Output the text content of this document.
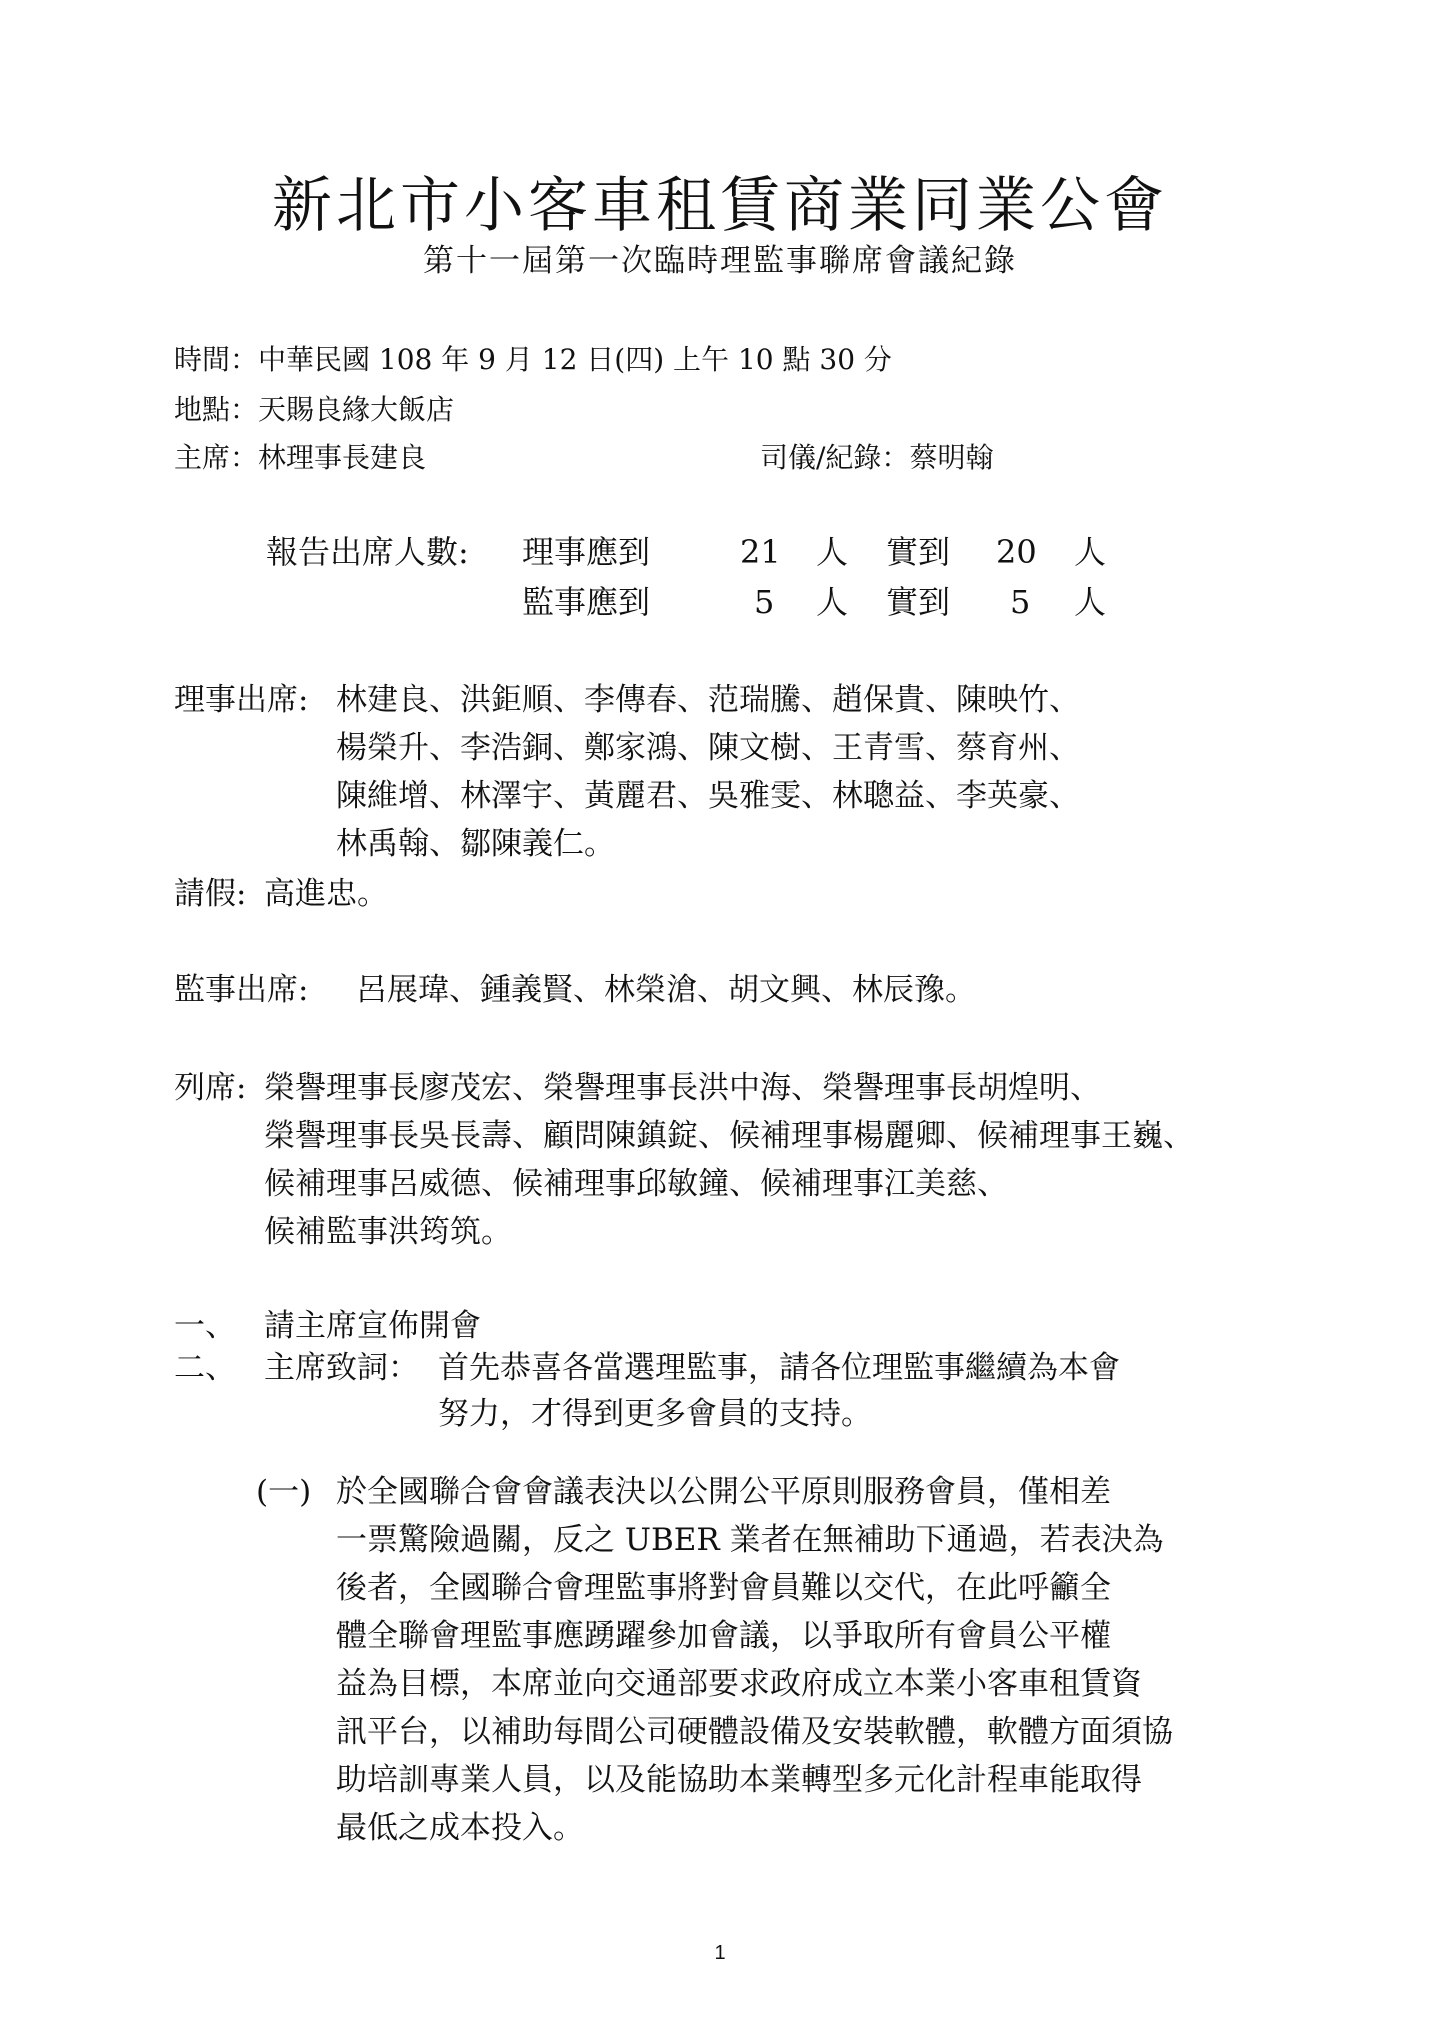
新北市小客車租賃商業同業公會
第十一屆第一次臨時理監事聯席會議紀錄
時間：中華民國 108 年 9 月 12 日(四) 上午 10 點 30 分
地點：天賜良緣大飯店
主席：林理事長建良	司儀/紀錄：蔡明翰
報告出席人數: 理事應到	21 人 實到 20 人
監事應到	5 人 實到 5 人
理事出席: 林建良、洪鉅順、李傳春、范瑞騰、趙保貴、陳映竹、
楊榮升、李浩銅、鄭家鴻、陳文樹、王青雪、蔡育州、
陳維增、林澤宇、黃麗君、吳雅雯、林聰益、李英豪、
林禹翰、鄒陳義仁。
請假: 高進忠。
監事出席: 呂展瑋、鍾義賢、林榮滄、胡文興、林辰豫。
列席: 榮譽理事長廖茂宏、榮譽理事長洪中海、榮譽理事長胡煌明、
榮譽理事長吳長壽、顧問陳鎮錠、候補理事楊麗卿、候補理事王巍、
候補理事呂威德、候補理事邱敏鐘、候補理事江美慈、
候補監事洪筠筑。
一、 請主席宣佈開會
二、 主席致詞： 首先恭喜各當選理監事，請各位理監事繼續為本會
努力，才得到更多會員的支持。
(一) 於全國聯合會會議表決以公開公平原則服務會員，僅相差
一票驚險過關，反之 UBER 業者在無補助下通過，若表決為
後者，全國聯合會理監事將對會員難以交代，在此呼籲全
體全聯會理監事應踴躍參加會議，以爭取所有會員公平權
益為目標，本席並向交通部要求政府成立本業小客車租賃資
訊平台，以補助每間公司硬體設備及安裝軟體，軟體方面須協
助培訓專業人員，以及能協助本業轉型多元化計程車能取得
最低之成本投入。
1
